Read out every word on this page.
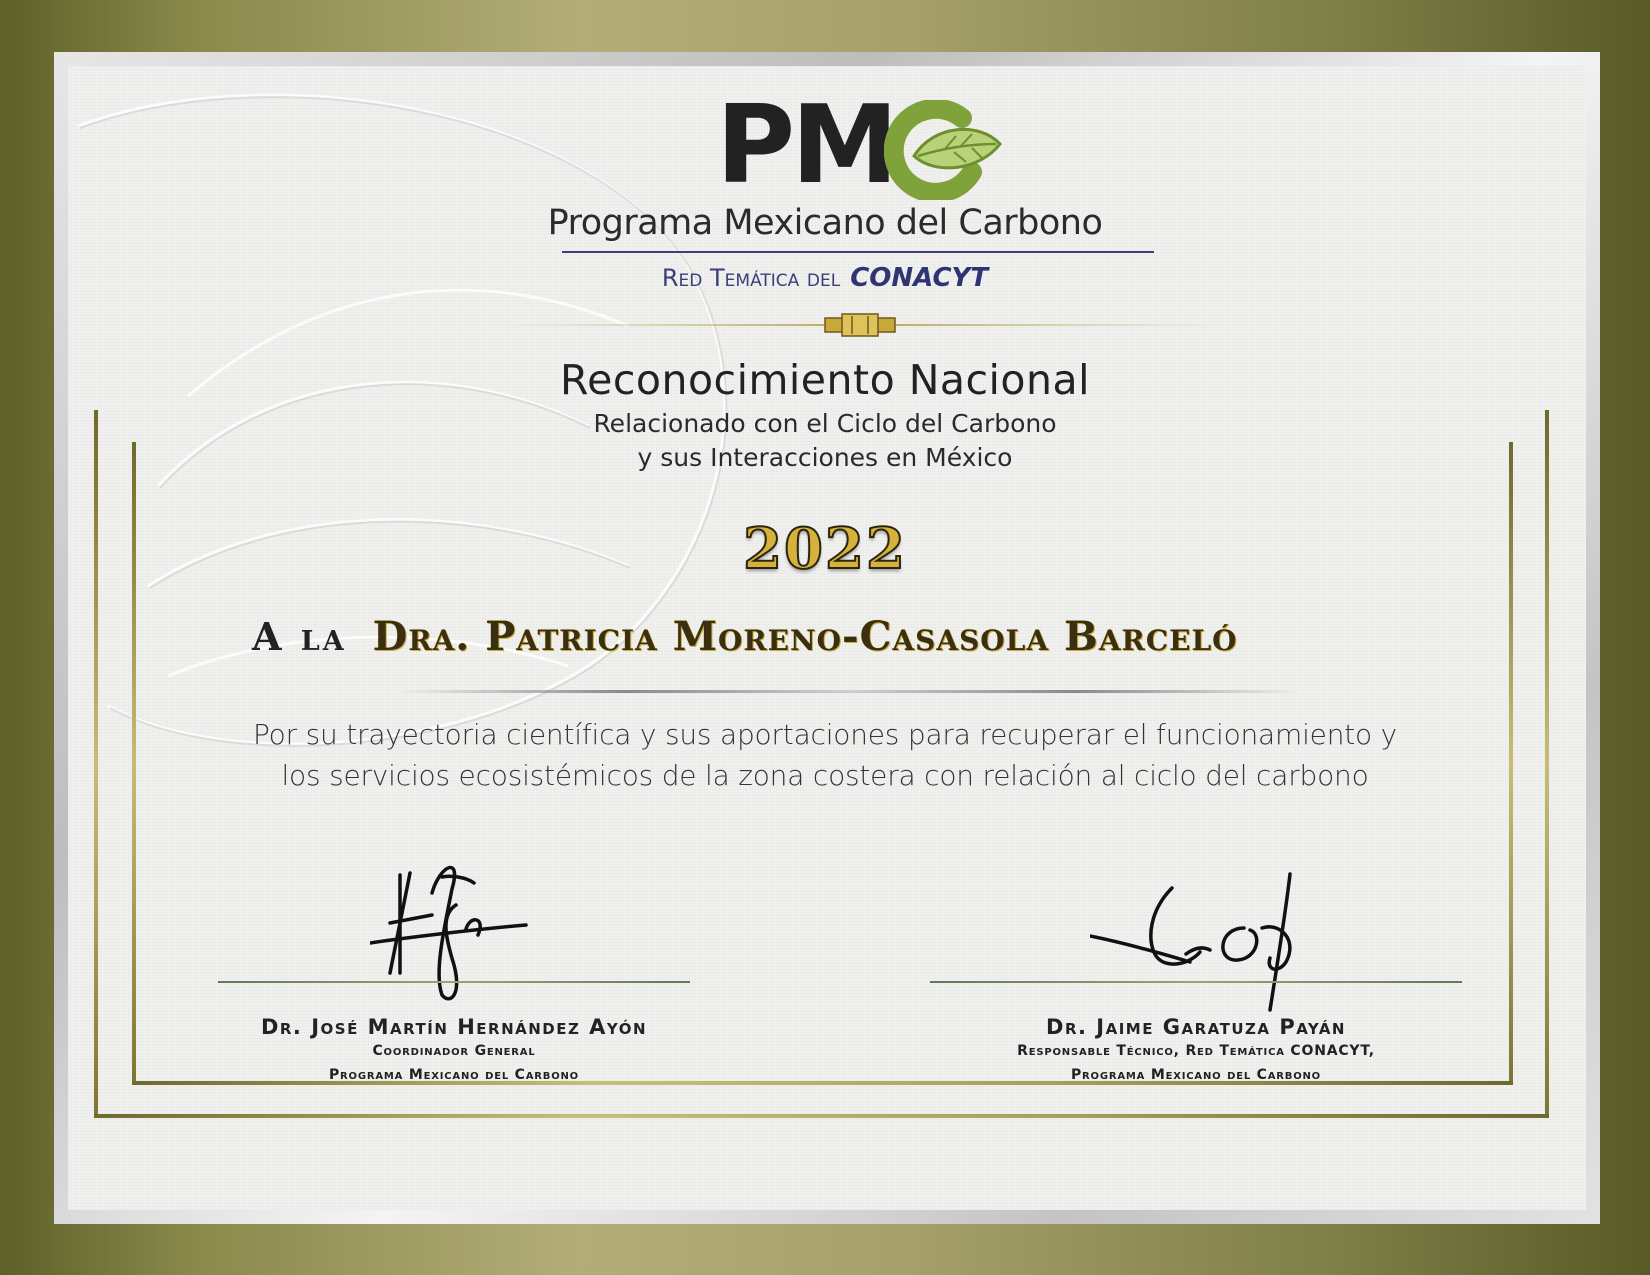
PM
Programa Mexicano del Carbono
Red Temática del CONACYT
Reconocimiento Nacional
Relacionado con el Ciclo del Carbono
y sus Interacciones en México
2022
A la Dra. Patricia Moreno-Casasola Barceló
Por su trayectoria científica y sus aportaciones para recuperar el funcionamiento y
los servicios ecosistémicos de la zona costera con relación al ciclo del carbono
Dr. José Martín Hernández Ayón
Coordinador General
Programa Mexicano del Carbono
Dr. Jaime Garatuza Payán
Responsable Técnico, Red Temática CONACYT,
Programa Mexicano del Carbono
